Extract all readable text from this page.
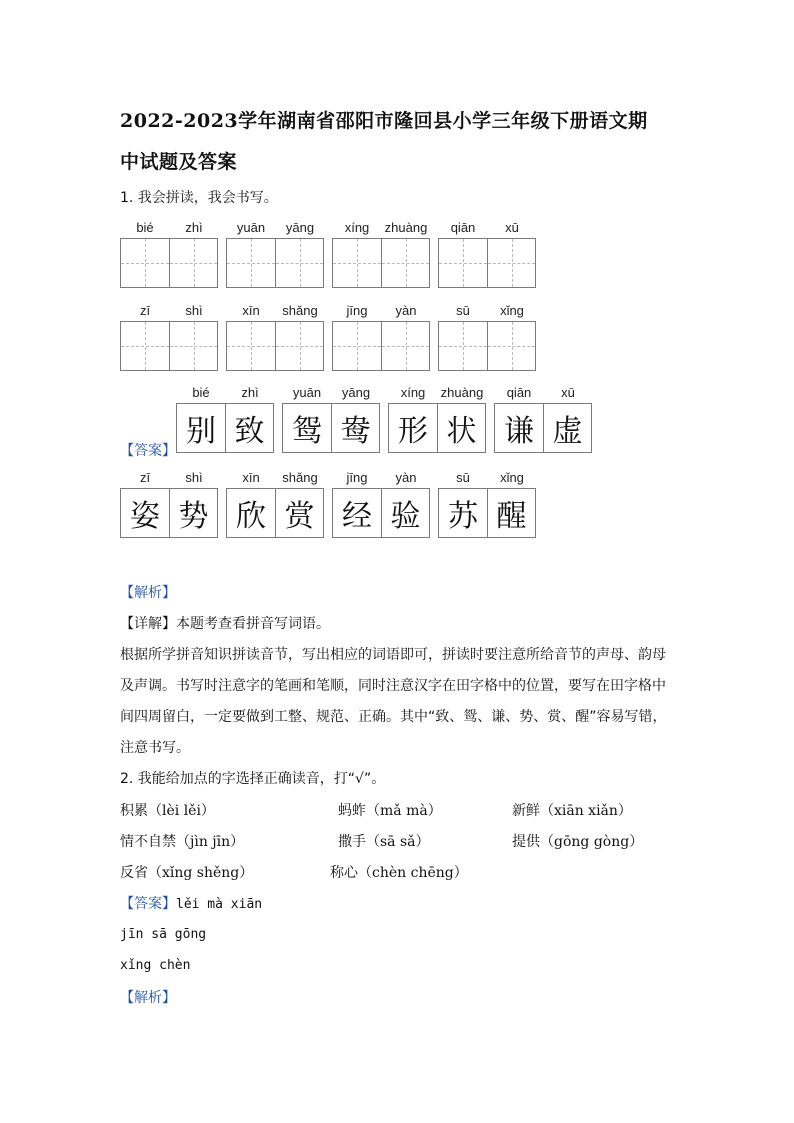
2022-2023学年湖南省邵阳市隆回县小学三年级下册语文期
中试题及答案
1. 我会拼读，我会书写。
bié	zhì	yuān	yāng	xíng	zhuàng	qiān	xū
zī	shì	xīn	shǎng	jīng	yàn	sū	xǐng
【答案】
bié	zhì	yuān	yāng	xíng	zhuàng	qiān	xū
别 致 鸳 鸯 形 状 谦 虚
zī	shì	xīn	shǎng	jīng	yàn	sū	xǐng
姿 势 欣 赏 经 验 苏 醒
【解析】
【详解】本题考查看拼音写词语。
根据所学拼音知识拼读音节，写出相应的词语即可，拼读时要注意所给音节的声母、韵母
及声调。书写时注意字的笔画和笔顺，同时注意汉字在田字格中的位置，要写在田字格中
间四周留白，一定要做到工整、规范、正确。其中“致、鸳、谦、势、赏、醒”容易写错，
注意书写。
2. 我能给加点的字选择正确读音，打“√”。
积累（lèi lěi）	蚂蚱（mǎ mà）	新鲜（xiān xiǎn）
情不自禁（jìn jīn）	撒手（sā sǎ）	提供（gōng gòng）
反省（xǐng shěng）	称心（chèn chēng）
【答案】lěi mà xiān
jīn sā gōng
xǐng chèn
【解析】
